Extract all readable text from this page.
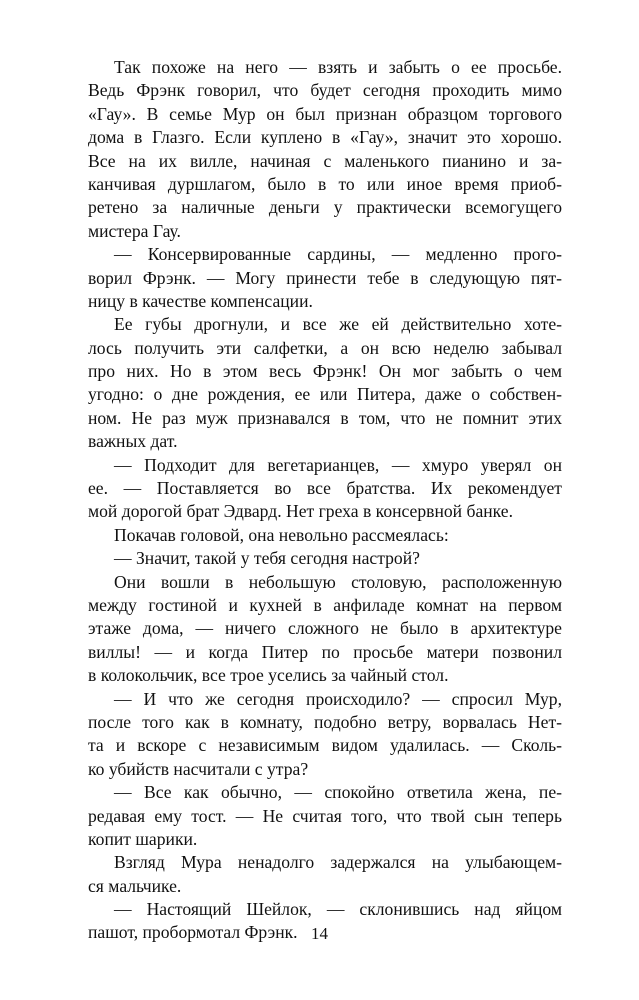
Так похоже на него — взять и забыть о ее просьбе.
Ведь Фрэнк говорил, что будет сегодня проходить мимо
«Гау». В семье Мур он был признан образцом торгового
дома в Глазго. Если куплено в «Гау», значит это хорошо.
Все на их вилле, начиная с маленького пианино и за-
канчивая дуршлагом, было в то или иное время приоб-
ретено за наличные деньги у практически всемогущего
мистера Гау.
— Консервированные сардины, — медленно прого-
ворил Фрэнк. — Могу принести тебе в следующую пят-
ницу в качестве компенсации.
Ее губы дрогнули, и все же ей действительно хоте-
лось получить эти салфетки, а он всю неделю забывал
про них. Но в этом весь Фрэнк! Он мог забыть о чем
угодно: о дне рождения, ее или Питера, даже о собствен-
ном. Не раз муж признавался в том, что не помнит этих
важных дат.
— Подходит для вегетарианцев, — хмуро уверял он
ее. — Поставляется во все братства. Их рекомендует
мой дорогой брат Эдвард. Нет греха в консервной банке.
Покачав головой, она невольно рассмеялась:
— Значит, такой у тебя сегодня настрой?
Они вошли в небольшую столовую, расположенную
между гостиной и кухней в анфиладе комнат на первом
этаже дома, — ничего сложного не было в архитектуре
виллы! — и когда Питер по просьбе матери позвонил
в колокольчик, все трое уселись за чайный стол.
— И что же сегодня происходило? — спросил Мур,
после того как в комнату, подобно ветру, ворвалась Нет-
та и вскоре с независимым видом удалилась. — Сколь-
ко убийств насчитали с утра?
— Все как обычно, — спокойно ответила жена, пе-
редавая ему тост. — Не считая того, что твой сын теперь
копит шарики.
Взгляд Мура ненадолго задержался на улыбающем-
ся мальчике.
— Настоящий Шейлок, — склонившись над яйцом
пашот, пробормотал Фрэнк. 14
